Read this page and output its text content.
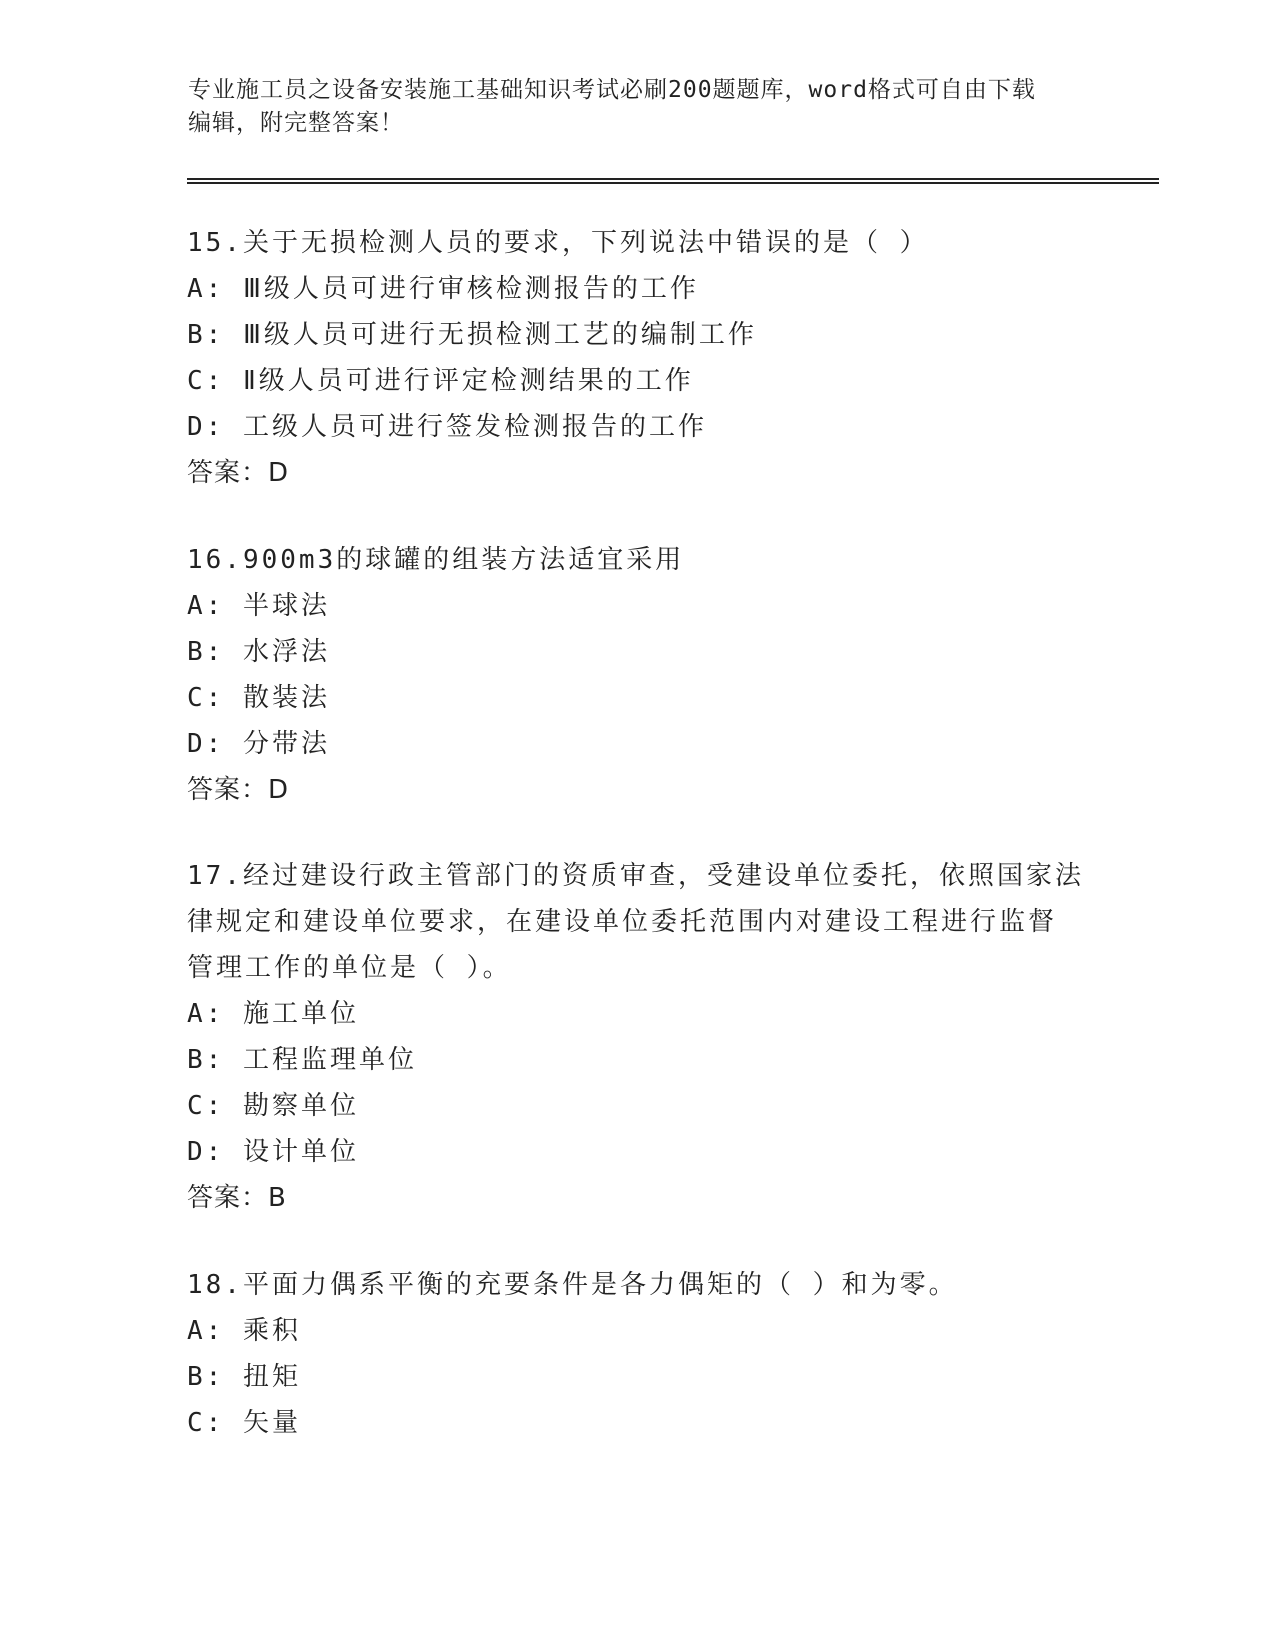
专业施工员之设备安装施工基础知识考试必刷200题题库，word格式可自由下载
编辑，附完整答案！

15.关于无损检测人员的要求，下列说法中错误的是（ ）

A: Ⅲ级人员可进行审核检测报告的工作

B: Ⅲ级人员可进行无损检测工艺的编制工作

C: Ⅱ级人员可进行评定检测结果的工作

D: 工级人员可进行签发检测报告的工作

答案：D

16.900m3的球罐的组装方法适宜采用

A: 半球法

B: 水浮法

C: 散装法

D: 分带法

答案：D

17.经过建设行政主管部门的资质审查，受建设单位委托，依照国家法

律规定和建设单位要求，在建设单位委托范围内对建设工程进行监督

管理工作的单位是（ ）。

A: 施工单位

B: 工程监理单位

C: 勘察单位

D: 设计单位

答案：B

18.平面力偶系平衡的充要条件是各力偶矩的（ ）和为零。

A: 乘积

B: 扭矩

C: 矢量
